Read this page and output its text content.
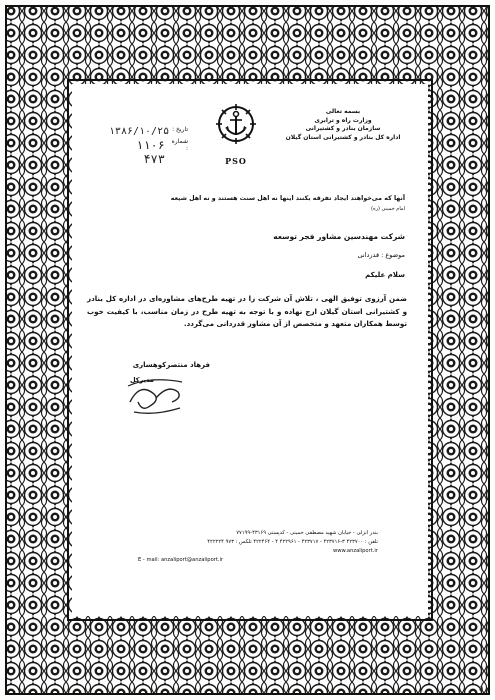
بسمه تعالی
وزارت راه و ترابری
سازمان بنادر و کشتیرانی
اداره کل بنادر و کشتیرانی استان گیلان
PSO
تاریخ :
۱۳۸۶/۱۰/۲۵
شماره :
۱۱۰۶ ۴۷۳
آنها که می‌خواهند ایجاد تفرقه بکنند اینها نه اهل سنت هستند و نه اهل شیعه
امام خمینی (ره)
شرکت مهندسین مشاور فجر توسعه
موضوع : قدردانی
سلام علیکم
ضمن آرزوی توفیق الهی ، تلاش آن شرکت را در تهیه طرح‌های مشاوره‌ای در اداره کل بنادر و کشتیرانی استان گیلان ارج نهاده و با توجه به تهیه طرح در زمان مناسب، با کیفیت خوب توسط همکاران متعهد و متخصص از آن مشاور قدردانی می‌گردد.
فرهاد منتصرکوهساری
مدیرکل
بندر انزلی - خیابان شهید مصطفی خمینی - کدپستی ۴۳۱۶۹-۷۷۱۹۹
تلفن : ۴۲۳۷۰۰ ۳-۴۲۳۷۱۶ - ۴۲۳۷۱۷ - ۴۲۲۹۶۱ ۴ - ۴۲۲۴۶۴ تلکس : ۹۷۳ ۴۲۲۲۲۴
www.anzaliport.ir
E - mail: anzaliport@anzaliport.ir
۵
